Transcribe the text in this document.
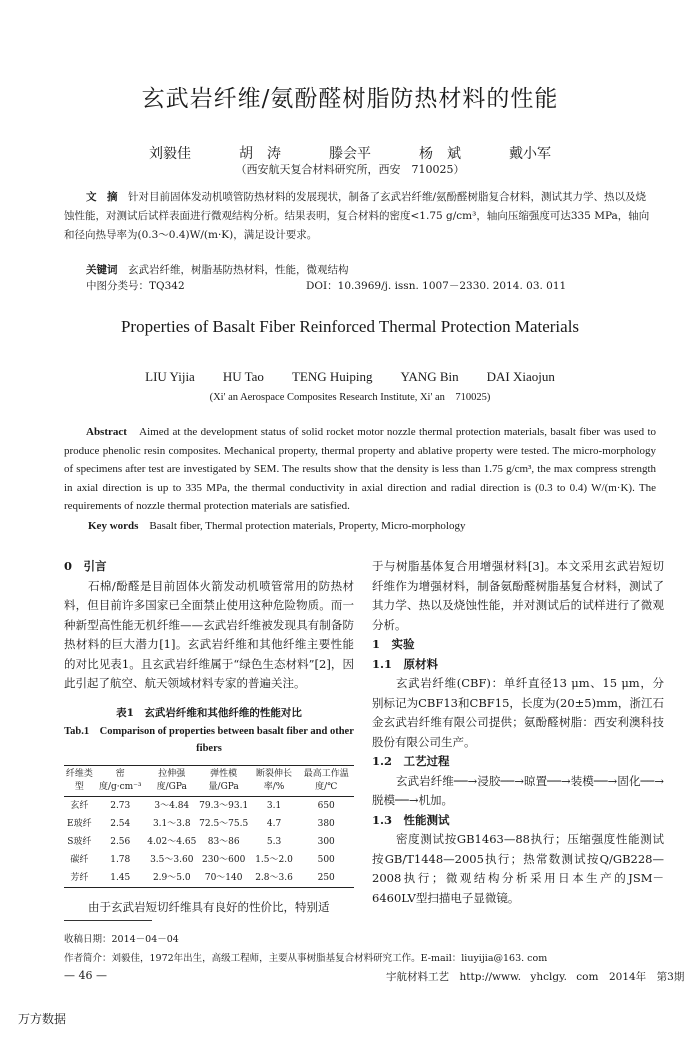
玄武岩纤维/氨酚醛树脂防热材料的性能
刘毅佳	胡　涛	滕会平	杨　斌	戴小军
（西安航天复合材料研究所，西安　710025）
文　摘　 针对目前固体发动机喷管防热材料的发展现状，制备了玄武岩纤维/氨酚醛树脂复合材料，测试其力学、热以及烧蚀性能，对测试后试样表面进行微观结构分析。结果表明，复合材料的密度<1.75 g/cm³，轴向压缩强度可达335 MPa，轴向和径向热导率为(0.3～0.4)W/(m·K)，满足设计要求。
关键词　 玄武岩纤维，树脂基防热材料，性能，微观结构
中图分类号：TQ342	DOI：10.3969/j. issn. 1007－2330. 2014. 03. 011
Properties of Basalt Fiber Reinforced Thermal Protection Materials
LIU Yijia HU Tao TENG Huiping YANG Bin DAI Xiaojun
(Xi' an Aerospace Composites Research Institute, Xi' an　710025)
Abstract　 Aimed at the development status of solid rocket motor nozzle thermal protection materials, basalt fiber was used to produce phenolic resin composites. Mechanical property, thermal property and ablative property were tested. The micro-morphology of specimens after test are investigated by SEM. The results show that the density is less than 1.75 g/cm³, the max compress strength in axial direction is up to 335 MPa, the thermal conductivity in axial direction and radial direction is (0.3 to 0.4) W/(m·K). The requirements of nozzle thermal protection materials are satisfied.
Key words　 Basalt fiber, Thermal protection materials, Property, Micro-morphology

0　引言

石棉/酚醛是目前固体火箭发动机喷管常用的防热材料，但目前许多国家已全面禁止使用这种危险物质。而一种新型高性能无机纤维——玄武岩纤维被发现具有制备防热材料的巨大潜力[1]。玄武岩纤维和其他纤维主要性能的对比见表1。且玄武岩纤维属于“绿色生态材料”[2]，因此引起了航空、航天领域材料专家的普遍关注。

表1　玄武岩纤维和其他纤维的性能对比
Tab.1　Comparison of properties between basalt fiber and other fibers
纤维类型	密度/g·cm⁻³	拉伸强度/GPa	弹性模量/GPa	断裂伸长率/%	最高工作温度/℃
玄纤	2.73	3～4.84	79.3～93.1	3.1	650
E玻纤	2.54	3.1～3.8	72.5～75.5	4.7	380
S玻纤	2.56	4.02～4.65	83～86	5.3	300
碳纤	1.78	3.5～3.60	230～600	1.5～2.0	500
芳纤	1.45	2.9～5.0	70～140	2.8～3.6	250

由于玄武岩短切纤维具有良好的性价比，特别适

于与树脂基体复合用增强材料[3]。本文采用玄武岩短切纤维作为增强材料，制备氨酚醛树脂基复合材料，测试了其力学、热以及烧蚀性能，并对测试后的试样进行了微观分析。

1　实验

1.1　原材料

玄武岩纤维(CBF)：单纤直径13 μm、15 μm，分别标记为CBF13和CBF15，长度为(20±5)mm，浙江石金玄武岩纤维有限公司提供；氨酚醛树脂：西安利澳科技股份有限公司生产。

1.2　工艺过程

玄武岩纤维──→浸胶──→晾置──→装模──→固化──→脱模──→机加。

1.3　性能测试

密度测试按GB1463—88执行；压缩强度性能测试按GB/T1448—2005执行；热常数测试按Q/GB228—2008执行；微观结构分析采用日本生产的JSM－6460LV型扫描电子显微镜。

收稿日期：2014－04－04
作者简介：刘毅佳，1972年出生，高级工程师，主要从事树脂基复合材料研究工作。E-mail：liuyijia@163. com
— 46 —	宇航材料工艺　http://www. yhclgy. com　2014年　第3期
万方数据
